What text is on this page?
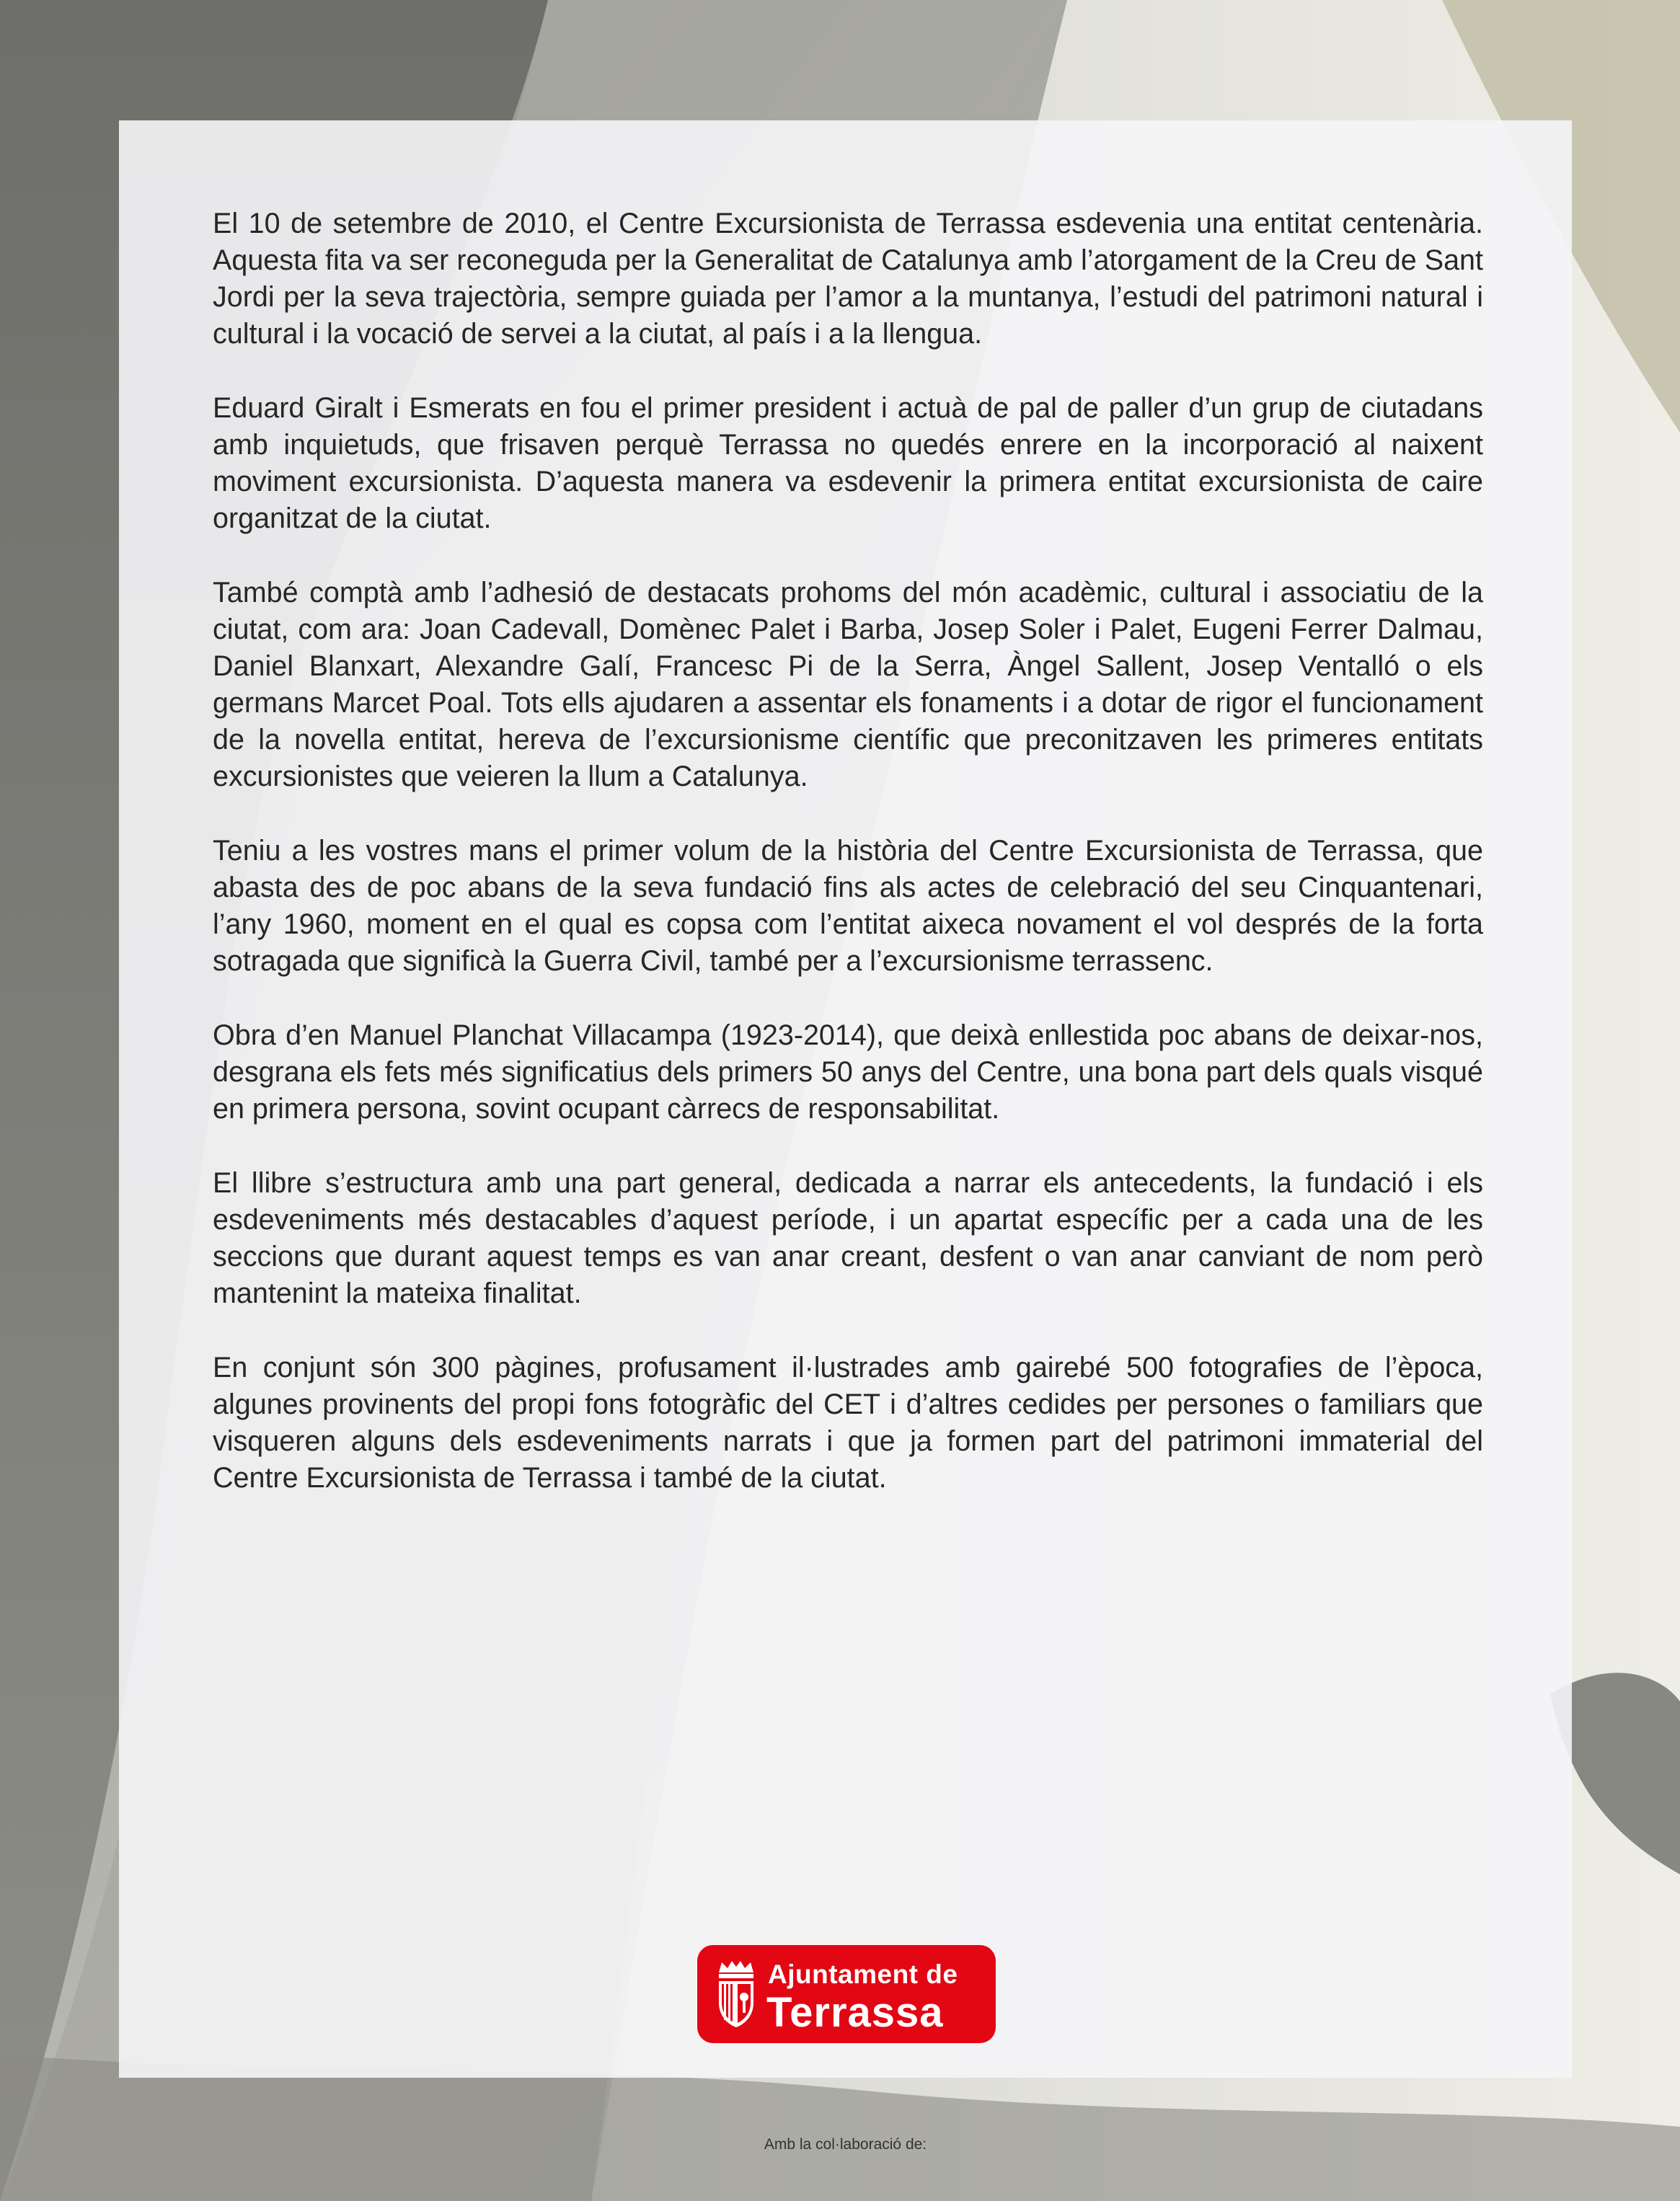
El 10 de setembre de 2010, el Centre Excursionista de Terrassa esdevenia una entitat centenària. Aquesta fita va ser reconeguda per la Generalitat de Catalunya amb l’atorgament de la Creu de Sant Jordi per la seva trajectòria, sempre guiada per l’amor a la muntanya, l’estudi del patrimoni natural i cultural i la vocació de servei a la ciutat, al país i a la llengua.

Eduard Giralt i Esmerats en fou el primer president i actuà de pal de paller d’un grup de ciutadans amb inquietuds, que frisaven perquè Terrassa no quedés enrere en la incorporació al naixent moviment excursionista. D’aquesta manera va esdevenir la primera entitat excursionista de caire organitzat de la ciutat.

També comptà amb l’adhesió de destacats prohoms del món acadèmic, cultural i associatiu de la ciutat, com ara: Joan Cadevall, Domènec Palet i Barba, Josep Soler i Palet, Eugeni Ferrer Dalmau, Daniel Blanxart, Alexandre Galí, Francesc Pi de la Serra, Àngel Sallent, Josep Ventalló o els germans Marcet Poal. Tots ells ajudaren a assentar els fonaments i a dotar de rigor el funcionament de la novella entitat, hereva de l’excursionisme científic que preconitzaven les primeres entitats excursionistes que veieren la llum a Catalunya.

Teniu a les vostres mans el primer volum de la història del Centre Excursionista de Terrassa, que abasta des de poc abans de la seva fundació fins als actes de celebració del seu Cinquantenari, l’any 1960, moment en el qual es copsa com l’entitat aixeca novament el vol després de la forta sotragada que significà la Guerra Civil, també per a l’excursionisme terrassenc.

Obra d’en Manuel Planchat Villacampa (1923-2014), que deixà enllestida poc abans de deixar-nos, desgrana els fets més significatius dels primers 50 anys del Centre, una bona part dels quals visqué en primera persona, sovint ocupant càrrecs de responsabilitat.

El llibre s’estructura amb una part general, dedicada a narrar els antecedents, la fundació i els esdeveniments més destacables d’aquest període, i un apartat específic per a cada una de les seccions que durant aquest temps es van anar creant, desfent o van anar canviant de nom però mantenint la mateixa finalitat.

En conjunt són 300 pàgines, profusament il·lustrades amb gairebé 500 fotografies de l’època, algunes provinents del propi fons fotogràfic del CET i d’altres cedides per persones o familiars que visqueren alguns dels esdeveniments narrats i que ja formen part del patrimoni immaterial del Centre Excursionista de Terrassa i també de la ciutat.

Amb la col·laboració de:
Ajuntament de
Terrassa
